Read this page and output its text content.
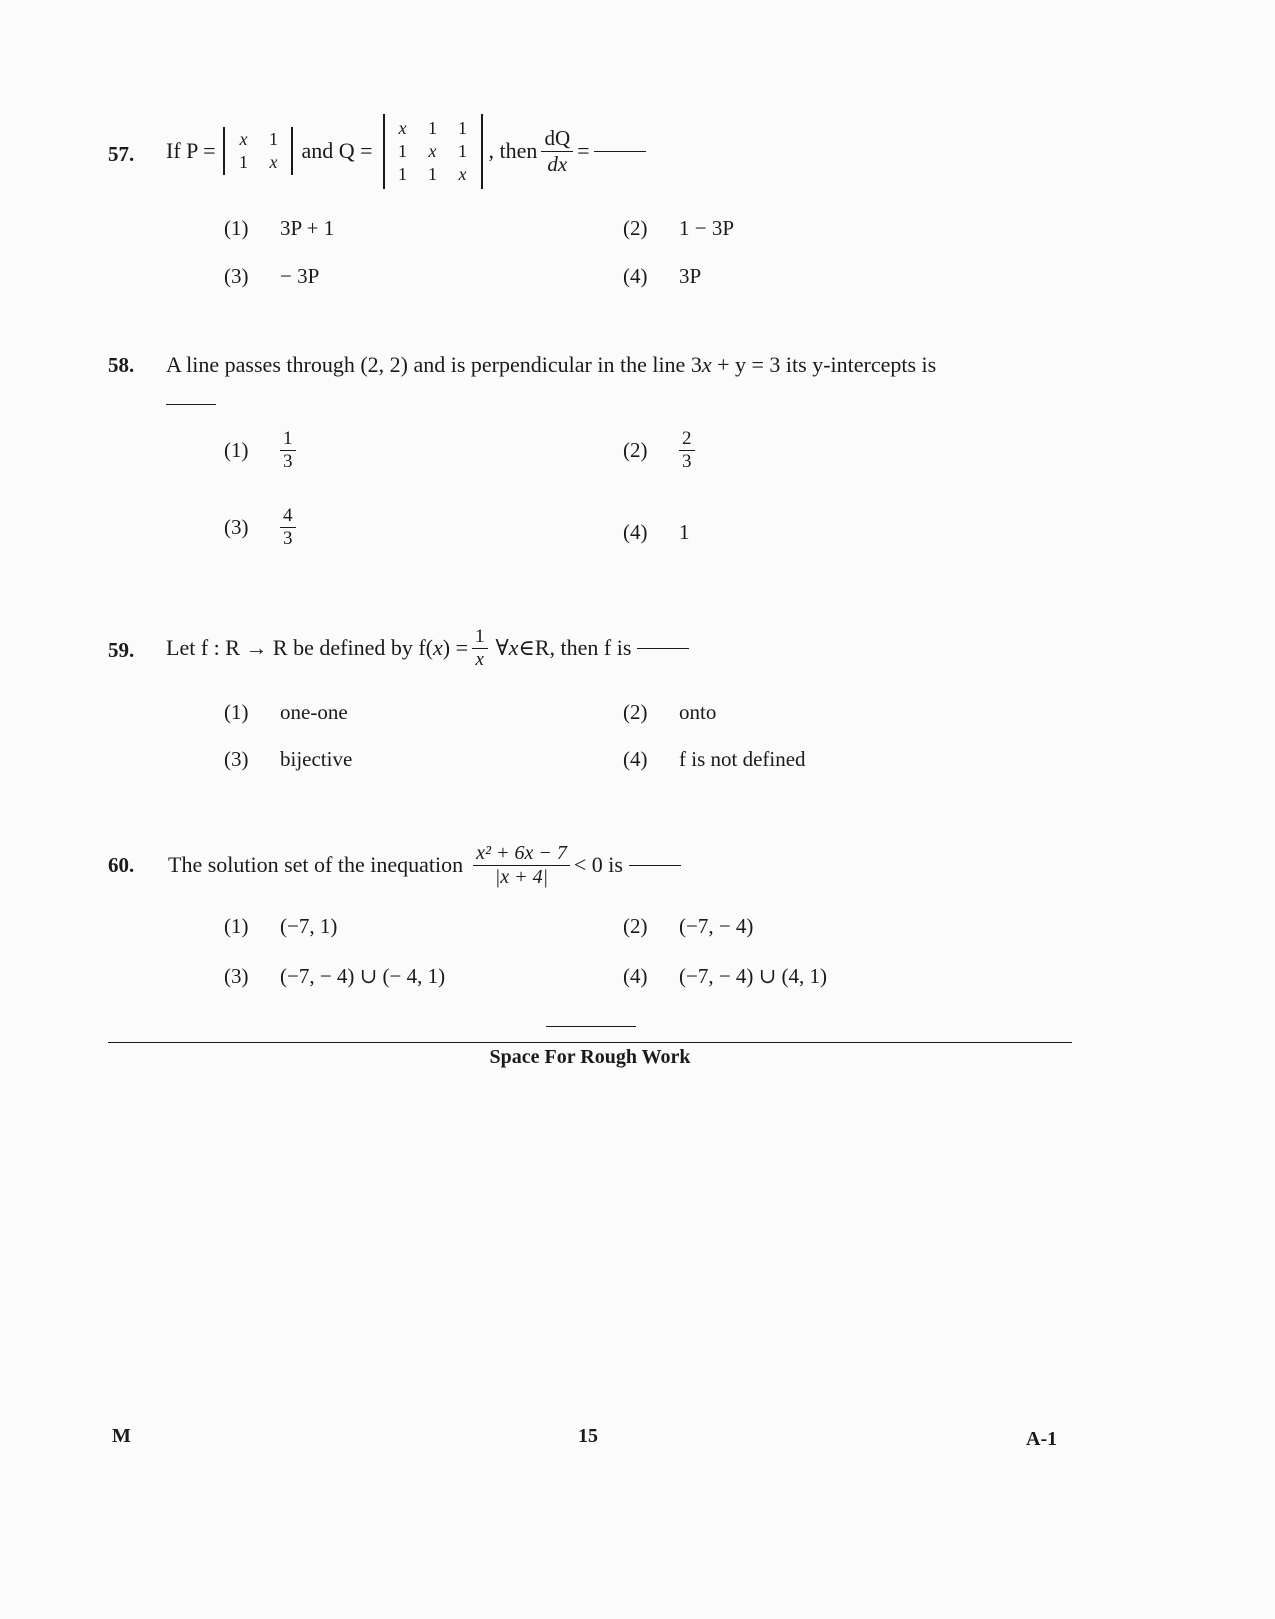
57. If P = x 1
1 x and Q =
x 1 1
1 x 1
1 1 x
, then $\frac{dQ}{dx}$ =
(1) 3P + 1	(2) 1 − 3P
(3) − 3P	(4) 3P
58. A line passes through (2, 2) and is perpendicular in the line 3x + y = 3 its y-intercepts is
(1)	$\frac{1}{3}$	(2)	$\frac{2}{3}$
(3)	$\frac{4}{3}$	(4) 1
59. Let f : R → R be defined by f( x ) = $\frac{1}{x}$ ∀ x ∈R, then f is
(1) one-one	(2) onto
(3) bijective	(4) f is not defined
60. The solution set of the inequation $\frac{\text{x² + 6x − 7}}{|x + 4|} < 0$ is
(1) (−7, 1)	(2) (−7, − 4)
(3) (−7, − 4) ∪ (− 4, 1)	(4) (−7, − 4) ∪ (4, 1)
Space For Rough Work
M	15	A-1
